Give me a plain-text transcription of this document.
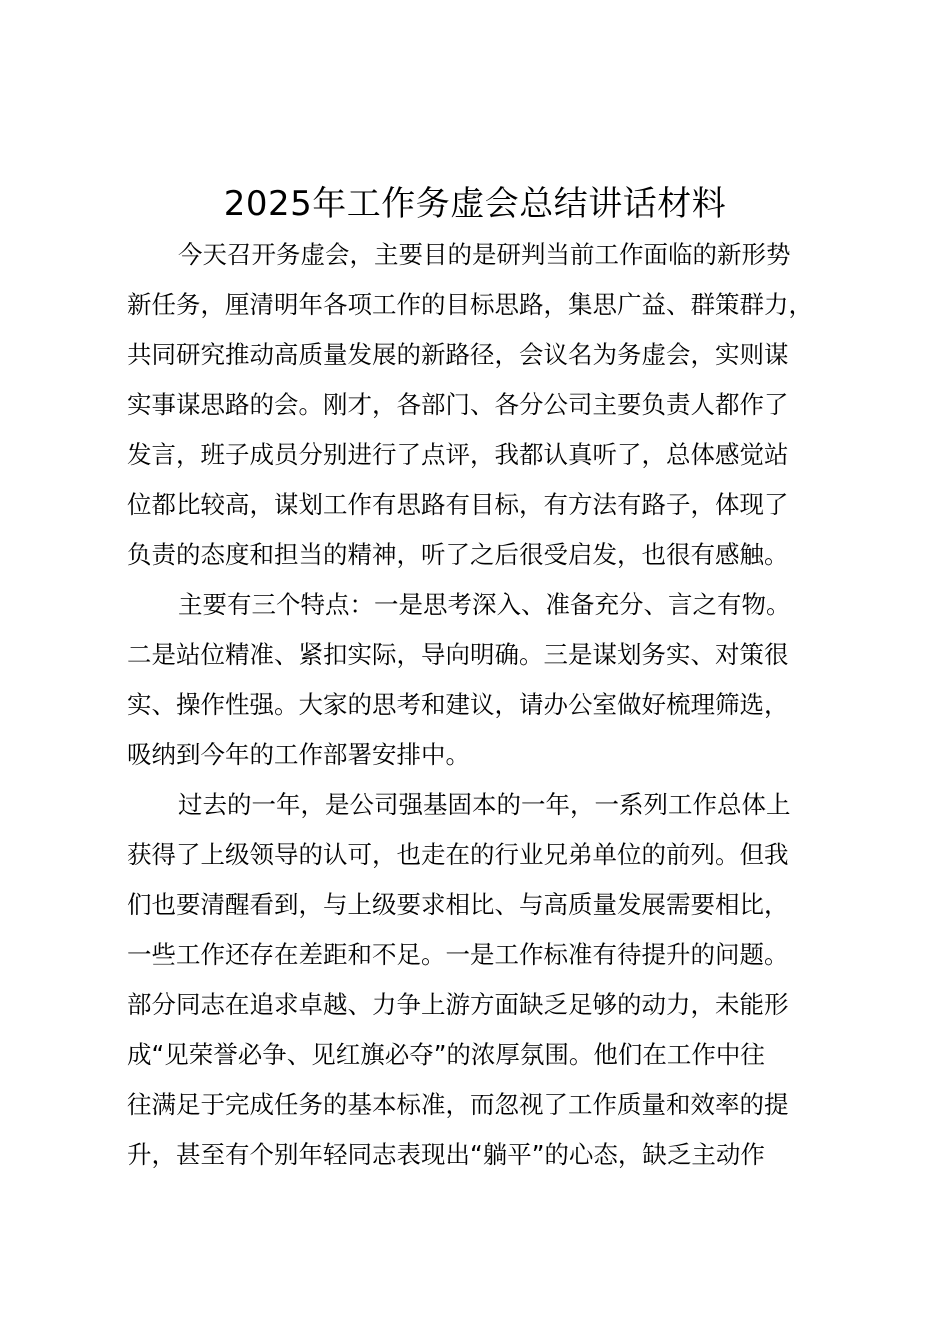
2025年工作务虚会总结讲话材料
今天召开务虚会，主要目的是研判当前工作面临的新形势
新任务，厘清明年各项工作的目标思路，集思广益、群策群力，
共同研究推动高质量发展的新路径，会议名为务虚会，实则谋
实事谋思路的会。刚才，各部门、各分公司主要负责人都作了
发言，班子成员分别进行了点评，我都认真听了，总体感觉站
位都比较高，谋划工作有思路有目标，有方法有路子，体现了
负责的态度和担当的精神，听了之后很受启发，也很有感触。
主要有三个特点：一是思考深入、准备充分、言之有物。
二是站位精准、紧扣实际，导向明确。三是谋划务实、对策很
实、操作性强。大家的思考和建议，请办公室做好梳理筛选，
吸纳到今年的工作部署安排中。
过去的一年，是公司强基固本的一年，一系列工作总体上
获得了上级领导的认可，也走在的行业兄弟单位的前列。但我
们也要清醒看到，与上级要求相比、与高质量发展需要相比，
一些工作还存在差距和不足。一是工作标准有待提升的问题。
部分同志在追求卓越、力争上游方面缺乏足够的动力，未能形
成“见荣誉必争、见红旗必夺”的浓厚氛围。他们在工作中往
往满足于完成任务的基本标准，而忽视了工作质量和效率的提
升，甚至有个别年轻同志表现出“躺平”的心态，缺乏主动作
